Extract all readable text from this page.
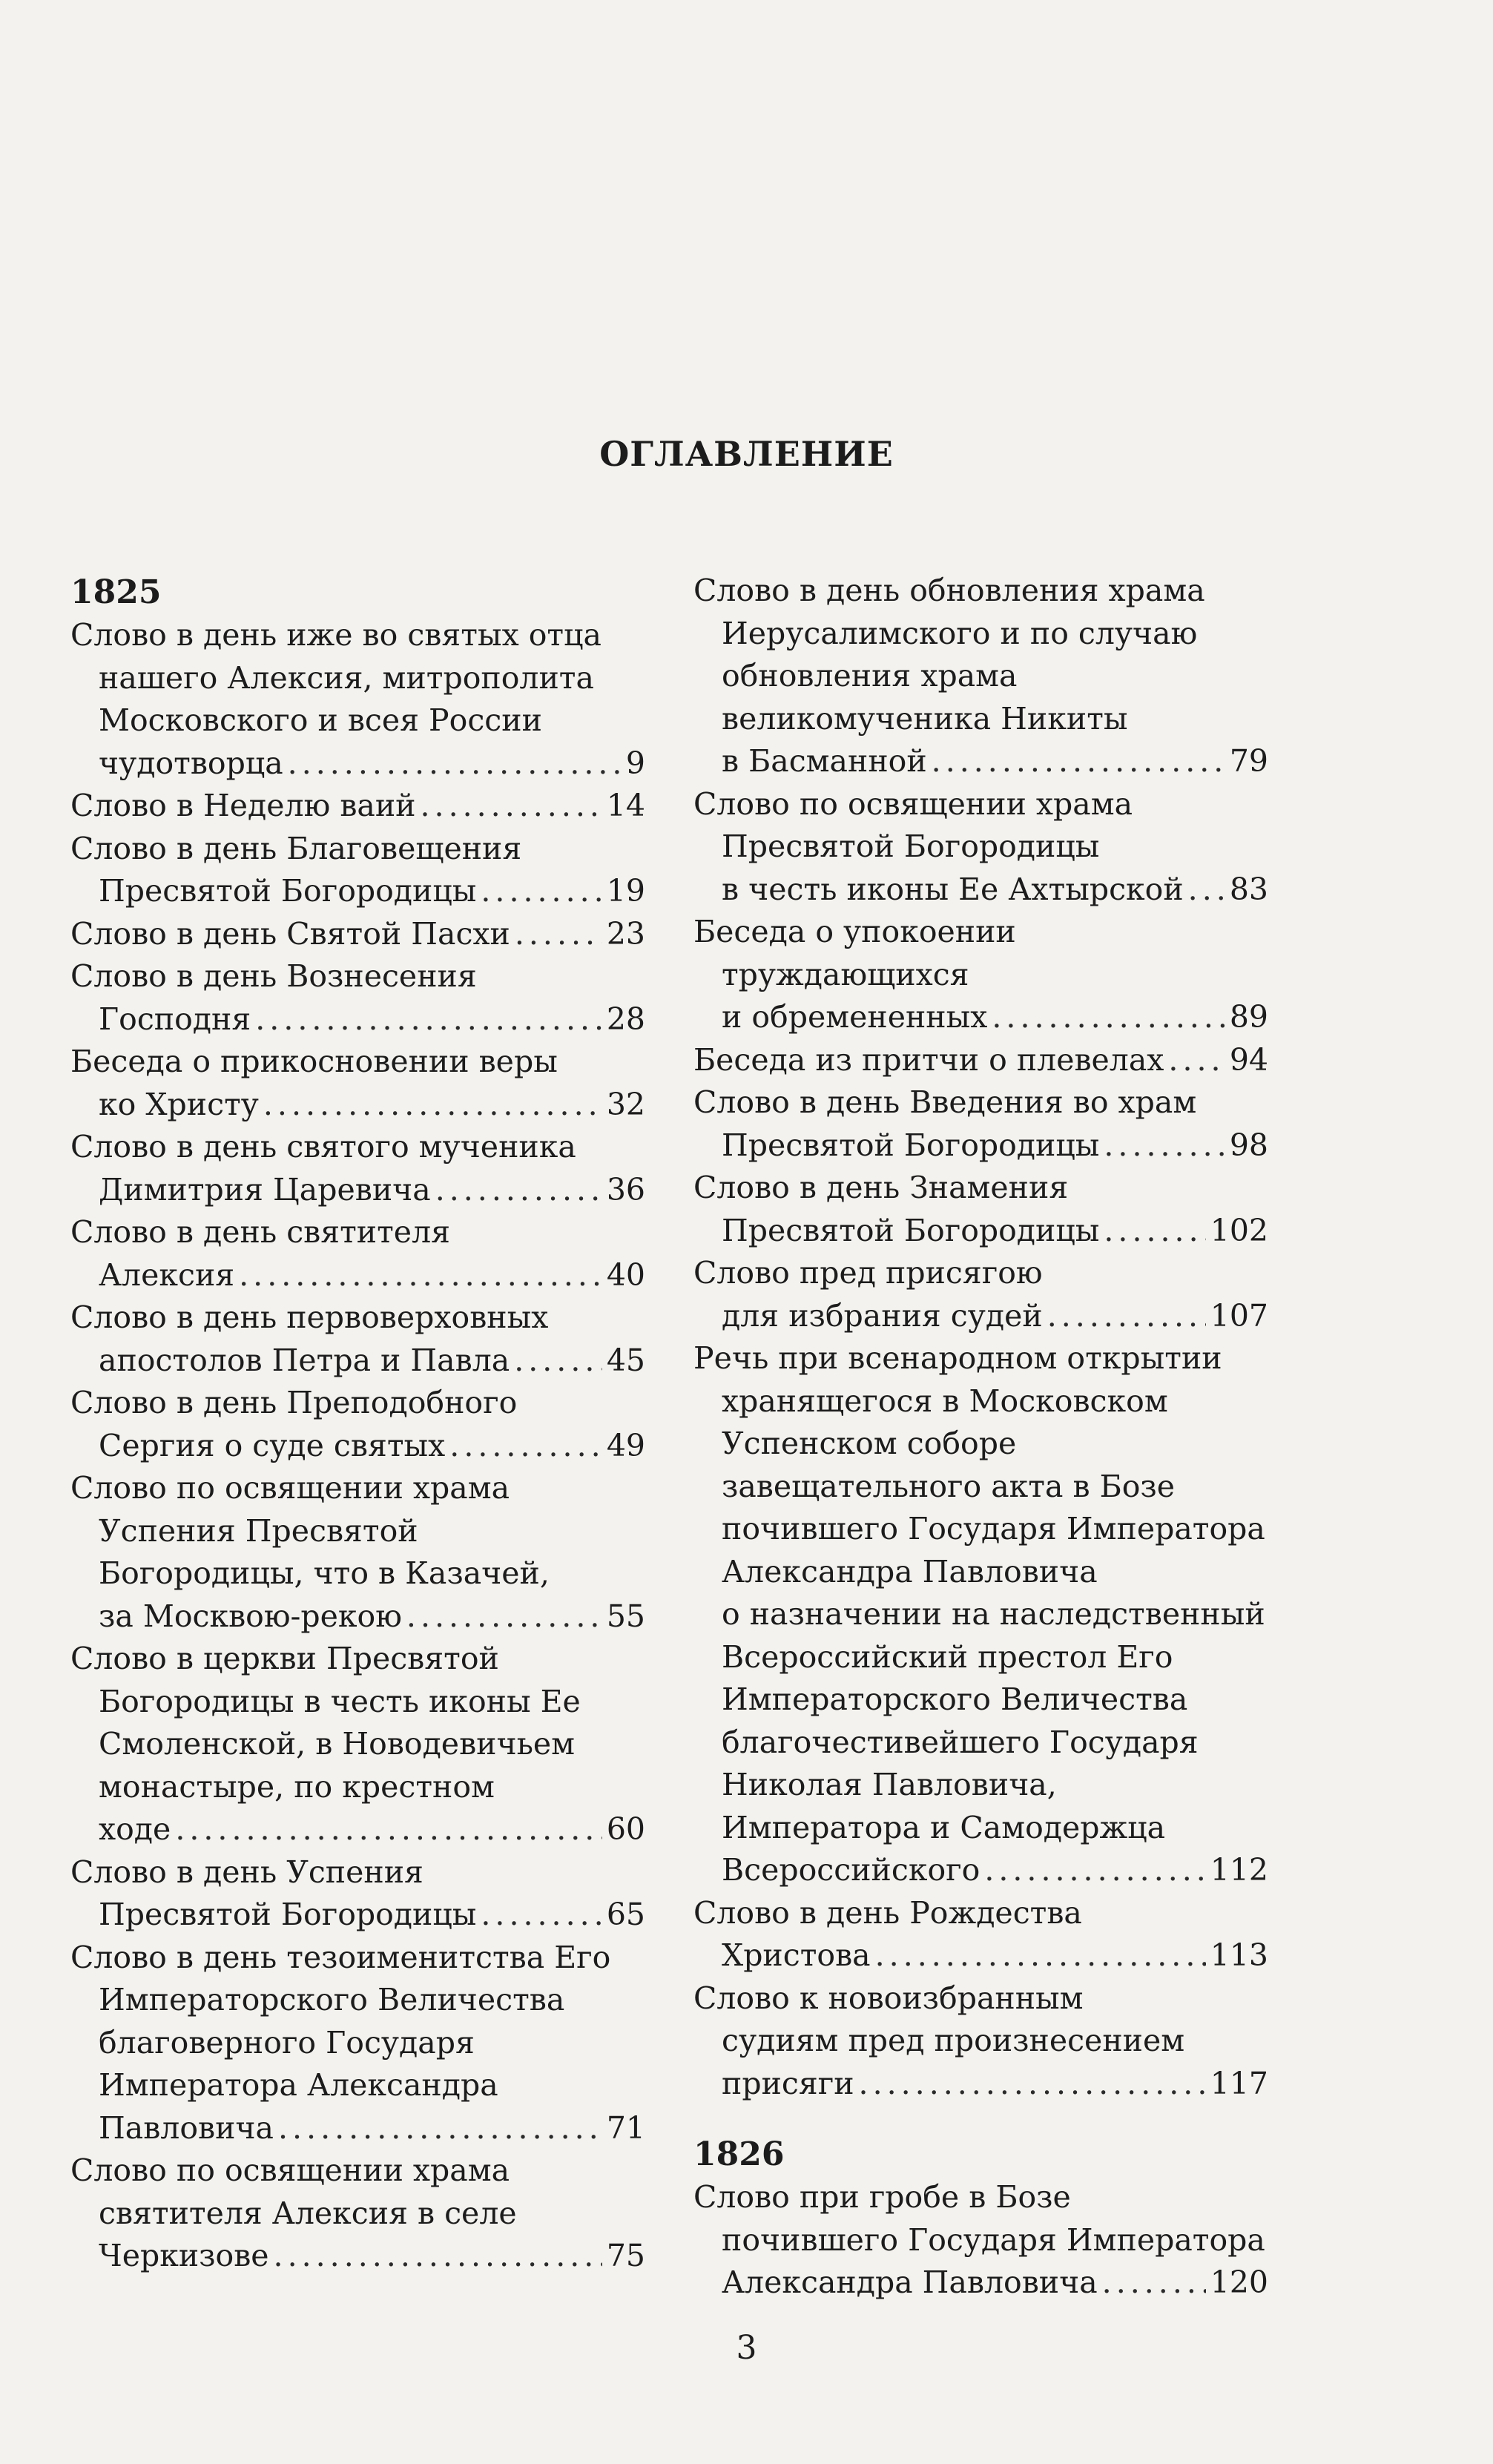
ОГЛАВЛЕНИЕ
1825
Слово в день иже во святых отца
нашего Алексия, митрополита
Московского и всея России
чудотворца .....	9
Слово в Неделю ваий .....	14
Слово в день Благовещения
Пресвятой Богородицы .....	19
Слово в день Святой Пасхи .....	23
Слово в день Вознесения
Господня .....	28
Беседа о прикосновении веры
ко Христу .....	32
Слово в день святого мученика
Димитрия Царевича .....	36
Слово в день святителя
Алексия .....	40
Слово в день первоверховных
апостолов Петра и Павла .....	45
Слово в день Преподобного
Сергия о суде святых .....	49
Слово по освящении храма
Успения Пресвятой
Богородицы, что в Казачей,
за Москвою-рекою .....	55
Слово в церкви Пресвятой
Богородицы в честь иконы Ее
Смоленской, в Новодевичьем
монастыре, по крестном
ходе .....	60
Слово в день Успения
Пресвятой Богородицы .....	65
Слово в день тезоименитства Его
Императорского Величества
благоверного Государя
Императора Александра
Павловича .....	71
Слово по освящении храма
святителя Алексия в селе
Черкизове .....	75
Слово в день обновления храма
Иерусалимского и по случаю
обновления храма
великомученика Никиты
в Басманной .....	79
Слово по освящении храма
Пресвятой Богородицы
в честь иконы Ее Ахтырской ..... 83
Беседа о упокоении
труждающихся
и обремененных .....	89
Беседа из притчи о плевелах ..... 94
Слово в день Введения во храм
Пресвятой Богородицы .....	98
Слово в день Знамения
Пресвятой Богородицы .....	102
Слово пред присягою
для избрания судей .....	107
Речь при всенародном открытии
хранящегося в Московском
Успенском соборе
завещательного акта в Бозе
почившего Государя Императора
Александра Павловича
о назначении на наследственный
Всероссийский престол Его
Императорского Величества
благочестивейшего Государя
Николая Павловича,
Императора и Самодержца
Всероссийского .....	112
Слово в день Рождества
Христова .....	113
Слово к новоизбранным
судиям пред произнесением
присяги .....	117
1826
Слово при гробе в Бозе
почившего Государя Императора
Александра Павловича .....	120
3
